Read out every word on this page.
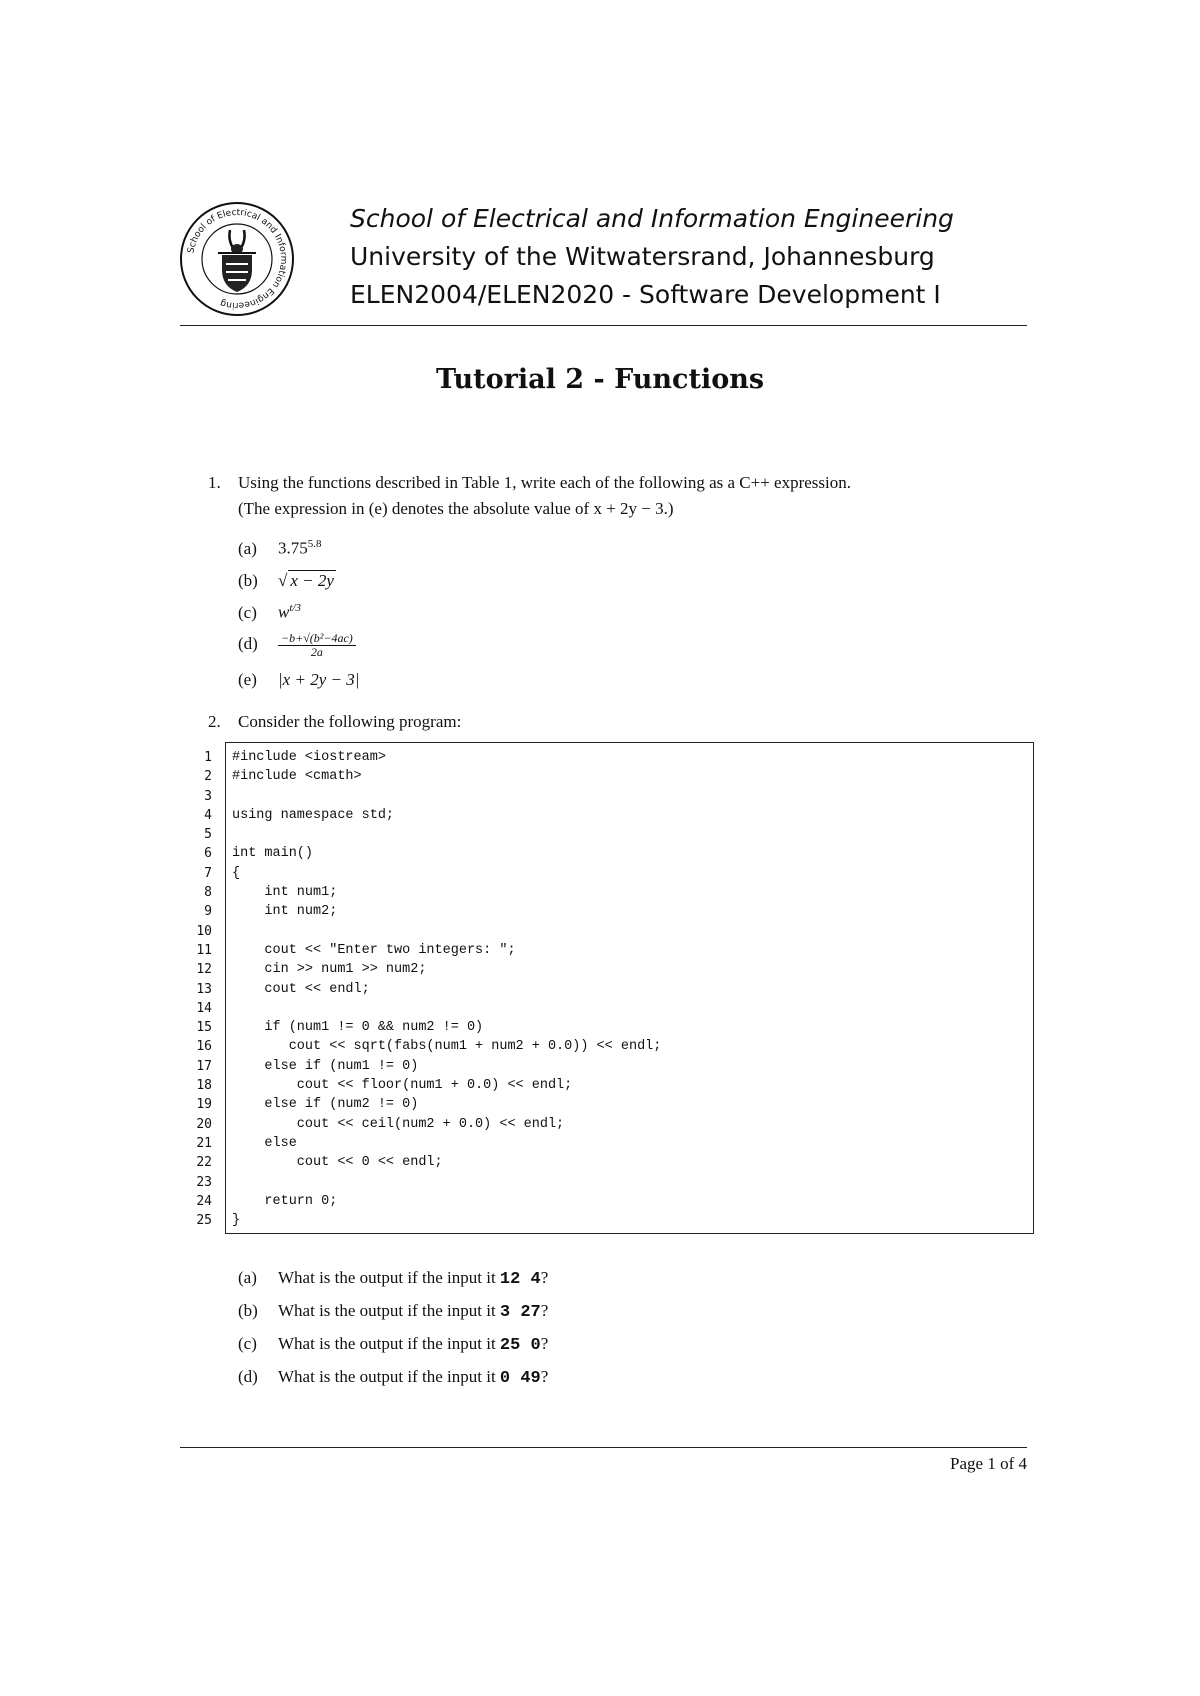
School of Electrical and Information Engineering
School of Electrical and Information Engineering
University of the Witwatersrand, Johannesburg
ELEN2004/ELEN2020 - Software Development I
Tutorial 2 - Functions
1. Using the functions described in Table 1, write each of the following as a C++ expression.
(The expression in (e) denotes the absolute value of x + 2y − 3.)
(a) $3.75^{5.8}$
(b) √ x − 2y
(c) $w^{t/3}$
$(d) \frac{\text{−b+√(b²−4ac)}}{2a}$
(e) |x + 2y − 3|
2. Consider the following program:
1
2
3
4
5
6
7
8
9
10
11
12
13
14
15
16
17
18
19
20
21
22
23
24
25
#include <iostream>
#include <cmath>
using namespace std;
int main()
{
int num1;
int num2;
cout << "Enter two integers: ";
cin >> num1 >> num2;
cout << endl;
if (num1 != 0 && num2 != 0)
cout << sqrt(fabs(num1 + num2 + 0.0)) << endl;
else if (num1 != 0)
cout << floor(num1 + 0.0) << endl;
else if (num2 != 0)
cout << ceil(num2 + 0.0) << endl;
else
cout << 0 << endl;
return 0;
}
(a) What is the output if the input it 12 4?
(b) What is the output if the input it 3 27?
(c) What is the output if the input it 25 0?
(d) What is the output if the input it 0 49?
Page 1 of 4
